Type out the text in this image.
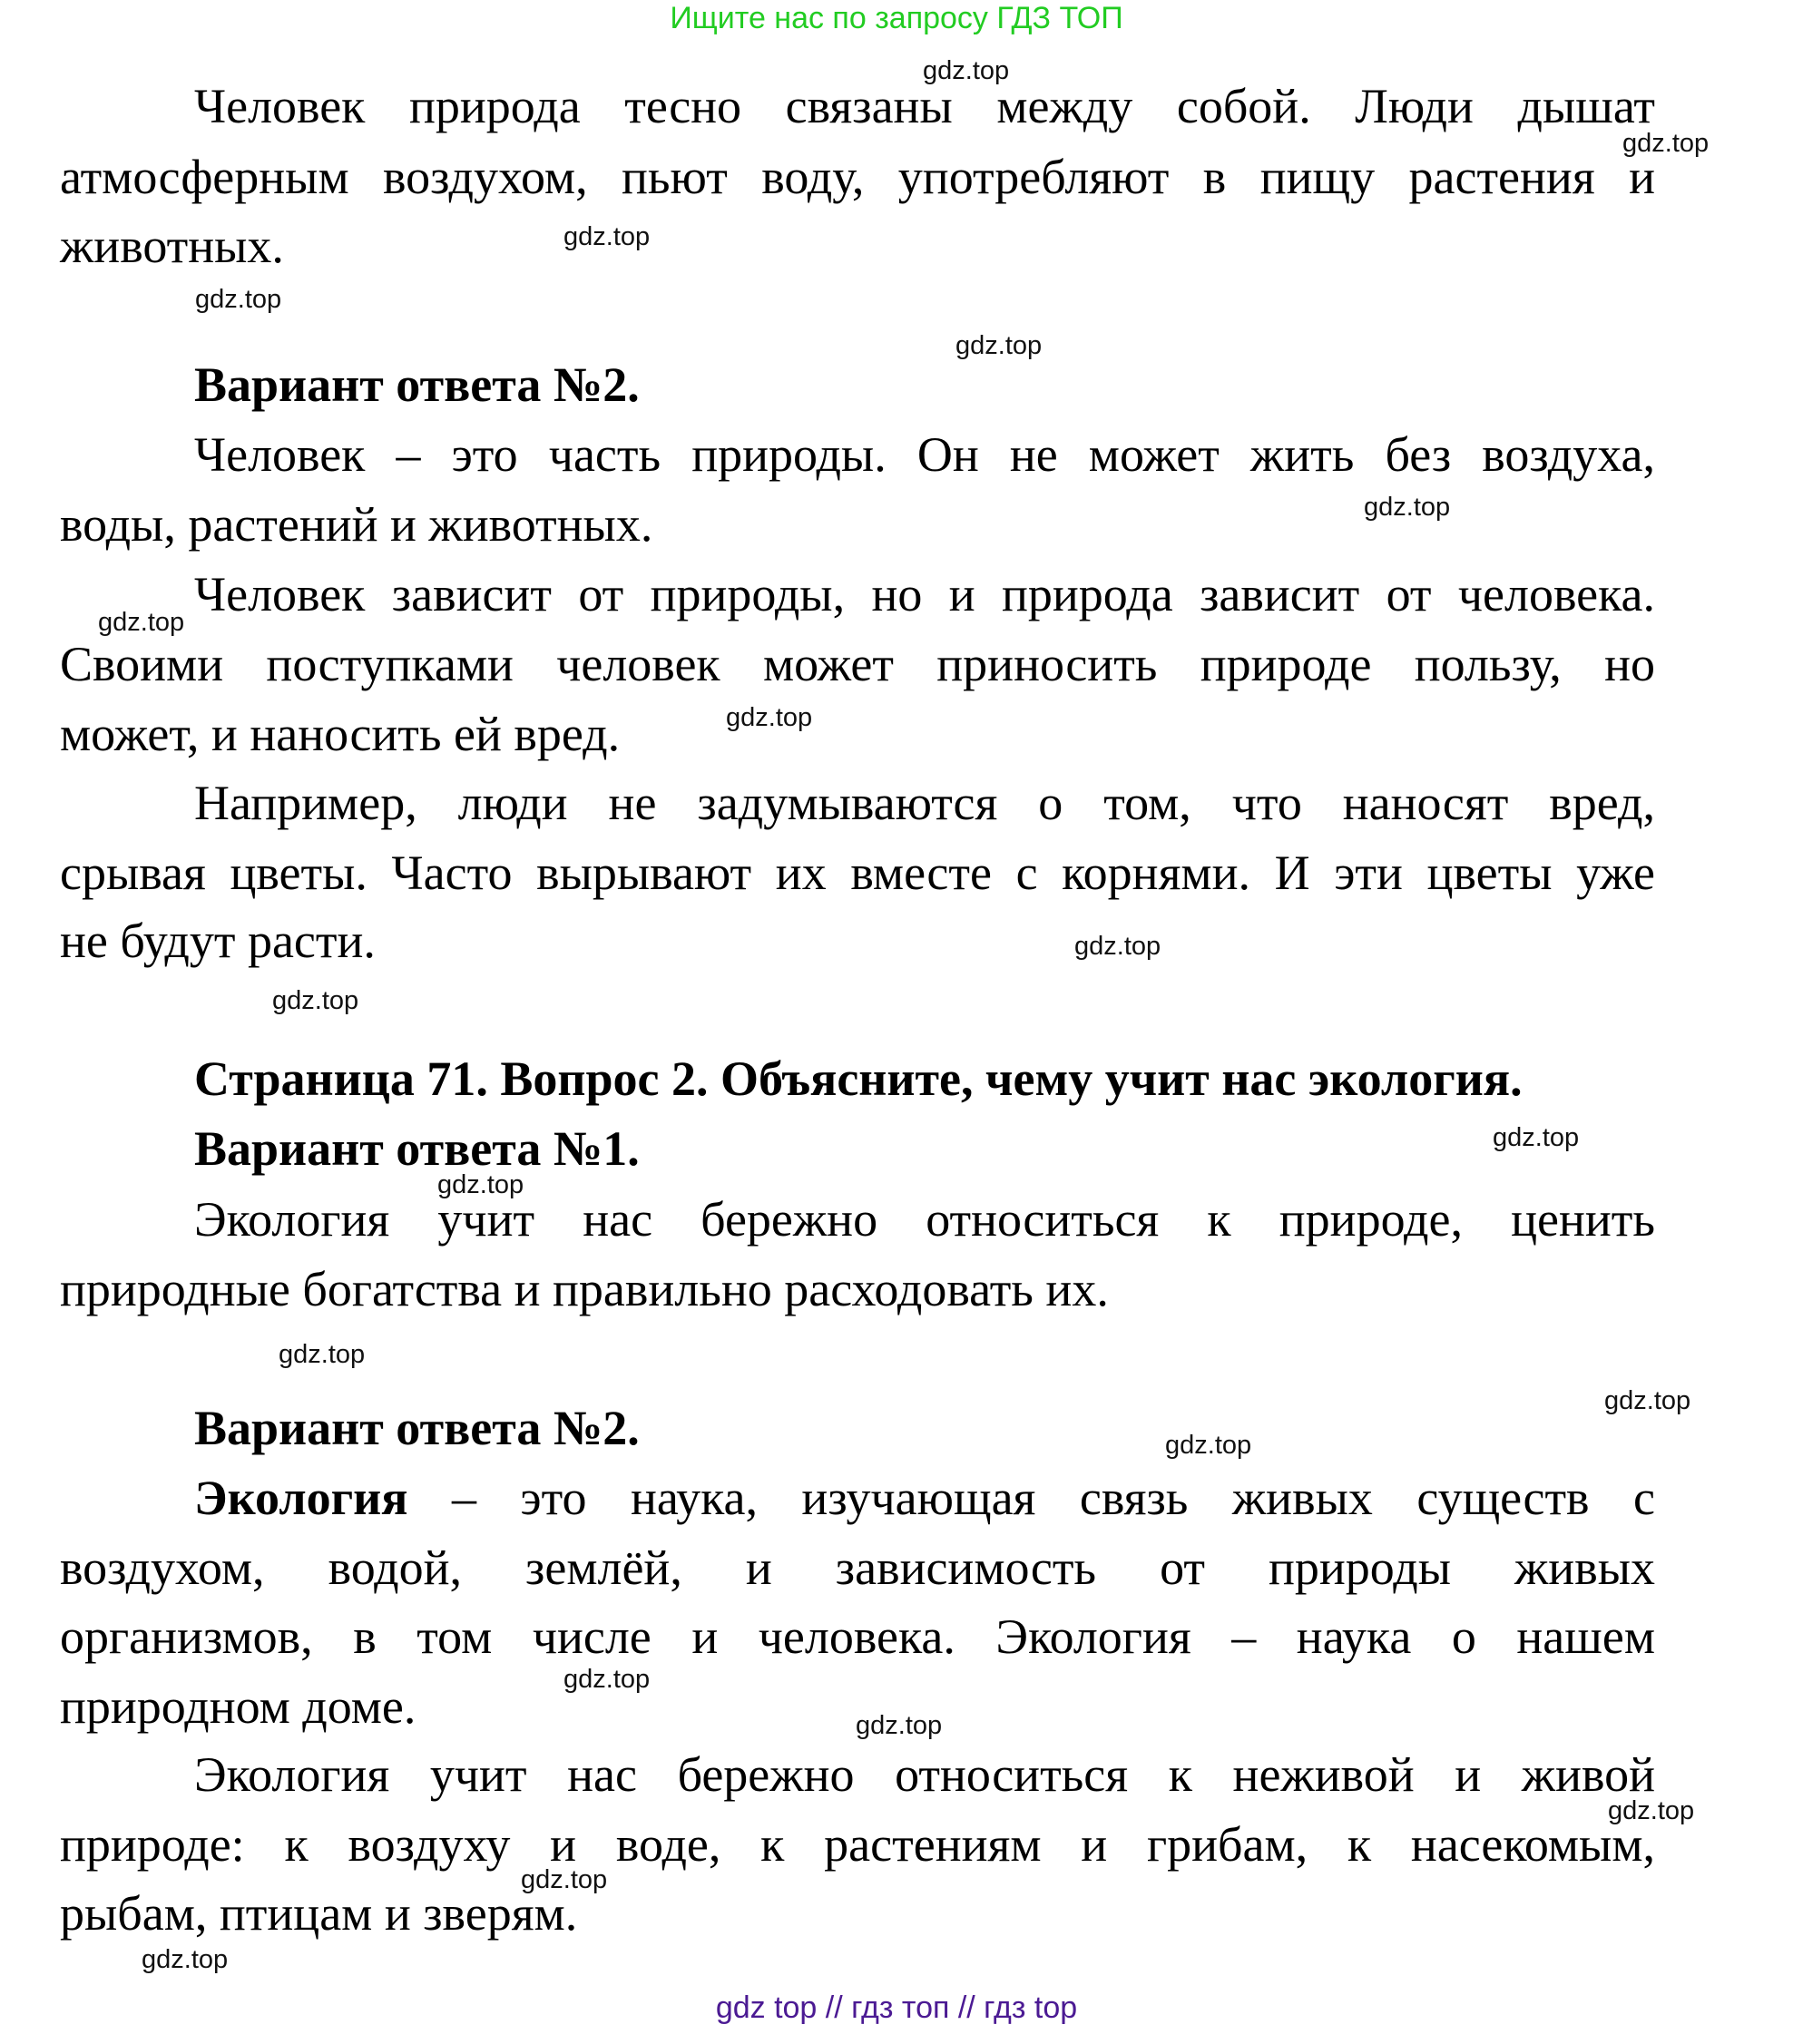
Ищите нас по запросу ГДЗ ТОП
Человек природа тесно связаны между собой. Люди дышат
атмосферным воздухом, пьют воду, употребляют в пищу растения и
животных.
Вариант ответа №2.
Человек – это часть природы. Он не может жить без воздуха,
воды, растений и животных.
Человек зависит от природы, но и природа зависит от человека.
Своими поступками человек может приносить природе пользу, но
может, и наносить ей вред.
Например, люди не задумываются о том, что наносят вред,
срывая цветы. Часто вырывают их вместе с корнями. И эти цветы уже
не будут расти.
Страница 71. Вопрос 2. Объясните, чему учит нас экология.
Вариант ответа №1.
Экология учит нас бережно относиться к природе, ценить
природные богатства и правильно расходовать их.
Вариант ответа №2.
Экология – это наука, изучающая связь живых существ с
воздухом, водой, землёй, и зависимость от природы живых
организмов, в том числе и человека. Экология – наука о нашем
природном доме.
Экология учит нас бережно относиться к неживой и живой
природе: к воздуху и воде, к растениям и грибам, к насекомым,
рыбам, птицам и зверям.
gdz.top
gdz.top
gdz.top
gdz.top
gdz.top
gdz.top
gdz.top
gdz.top
gdz.top
gdz.top
gdz.top
gdz.top
gdz.top
gdz.top
gdz.top
gdz.top
gdz.top
gdz.top
gdz.top
gdz.top
gdz top // гдз топ // гдз top
